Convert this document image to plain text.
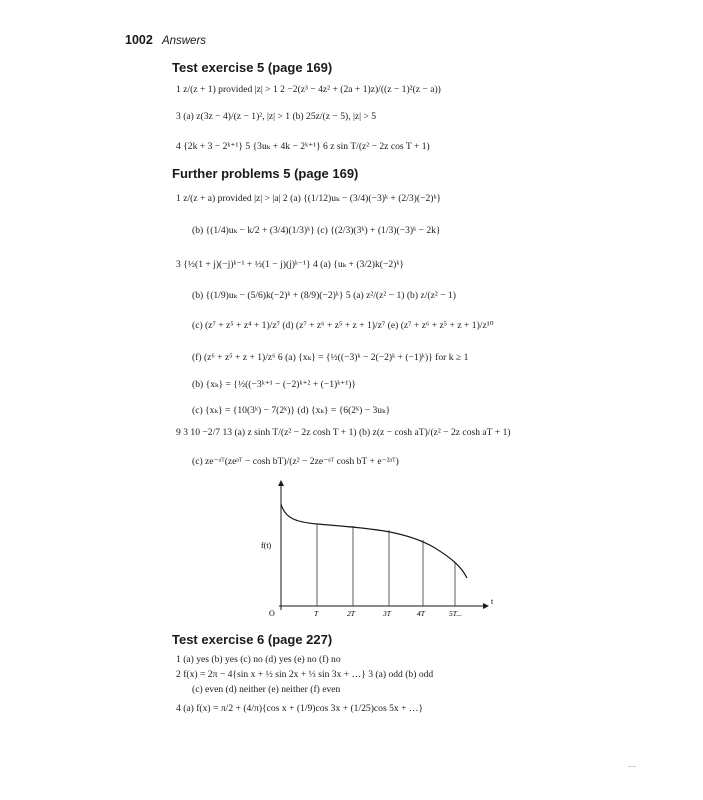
1002 Answers
Test exercise 5 (page 169)
1 z/(z + 1) provided |z| > 1 2 −2(z³ − 4z² + (2a + 1)z)/((z − 1)²(z − a))
3 (a) z(3z − 4)/(z − 1)², |z| > 1 (b) 25z/(z − 5), |z| > 5
4 {2k + 3 − 2ᵏ⁺¹} 5 {3uₖ + 4k − 2ᵏ⁺¹} 6 z sin T/(z² − 2z cos T + 1)
Further problems 5 (page 169)
1 z/(z + a) provided |z| > |a| 2 (a) {(1/12)uₖ − (3/4)(−3)ᵏ + (2/3)(−2)ᵏ}
(b) {(1/4)uₖ − k/2 + (3/4)(1/3)ᵏ} (c) {(2/3)(3ᵏ) + (1/3)(−3)ᵏ − 2k}
3 {½(1 + j)(−j)ᵏ⁻¹ + ½(1 − j)(j)ᵏ⁻¹} 4 (a) {uₖ + (3/2)k(−2)ᵏ}
(b) {(1/9)uₖ − (5/6)k(−2)ᵏ + (8/9)(−2)ᵏ} 5 (a) z²/(z² − 1) (b) z/(z² − 1)
(c) (z⁷ + z⁵ + z⁴ + 1)/z⁷ (d) (z⁷ + z⁶ + z⁵ + z + 1)/z⁷ (e) (z⁷ + z⁶ + z⁵ + z + 1)/z¹⁰
(f) (z⁶ + z⁵ + z + 1)/z⁶ 6 (a) {xₖ} = {½((−3)ᵏ − 2(−2)ᵏ + (−1)ᵏ)} for k ≥ 1
(b) {xₖ} = {½((−3ᵏ⁺¹ − (−2)ᵏ⁺² + (−1)ᵏ⁺¹)}
(c) {xₖ} = {10(3ᵏ) − 7(2ᵏ)} (d) {xₖ} = {6(2ᵏ) − 3uₖ}
9 3 10 −2/7 13 (a) z sinh T/(z² − 2z cosh T + 1) (b) z(z − cosh aT)/(z² − 2z cosh aT + 1)
(c) ze⁻ᵃᵀ(zeᵃᵀ − cosh bT)/(z² − 2ze⁻ᵃᵀ cosh bT + e⁻²ᵃᵀ)
f(t)
t
O	T	2T	3T	4T	5T...
Test exercise 6 (page 227)
1 (a) yes (b) yes (c) no (d) yes (e) no (f) no
2 f(x) = 2π − 4{sin x + ½ sin 2x + ⅓ sin 3x + …} 3 (a) odd (b) odd
(c) even (d) neither (e) neither (f) even
4 (a) f(x) = π/2 + (4/π){cos x + (1/9)cos 3x + (1/25)cos 5x + …}
